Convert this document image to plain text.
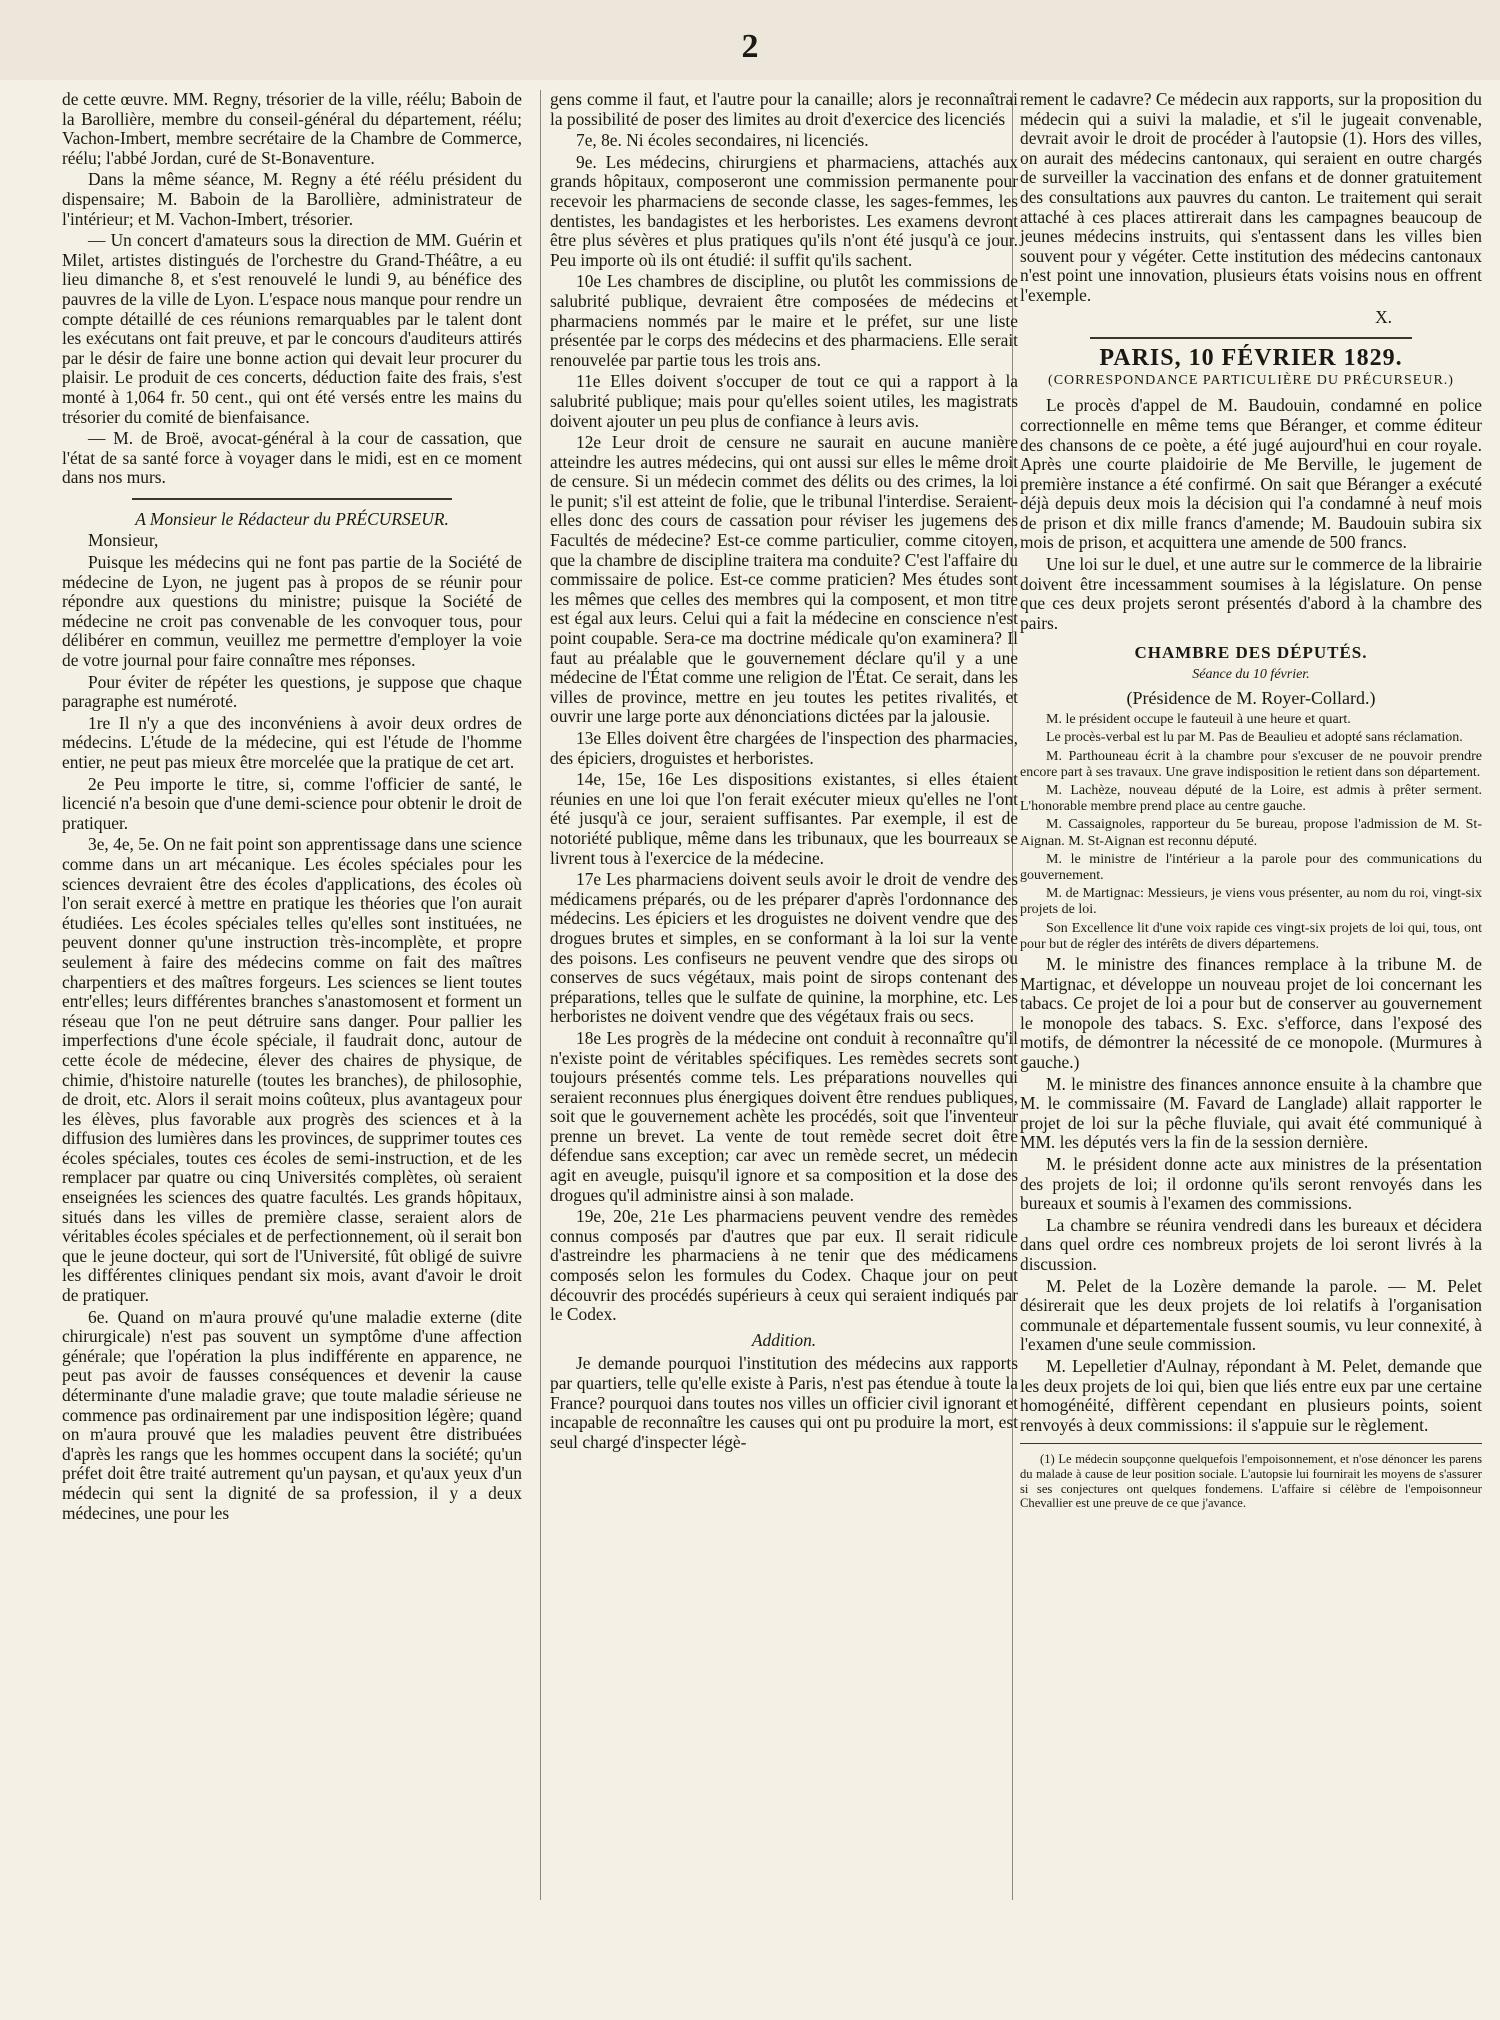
2

de cette œuvre. MM. Regny, trésorier de la ville, réélu; Baboin de la Barollière, membre du conseil-général du département, réélu; Vachon-Imbert, membre secrétaire de la Chambre de Commerce, réélu; l'abbé Jordan, curé de St-Bonaventure.

Dans la même séance, M. Regny a été réélu président du dispensaire; M. Baboin de la Barollière, administrateur de l'intérieur; et M. Vachon-Imbert, trésorier.

— Un concert d'amateurs sous la direction de MM. Guérin et Milet, artistes distingués de l'orchestre du Grand-Théâtre, a eu lieu dimanche 8, et s'est renouvelé le lundi 9, au bénéfice des pauvres de la ville de Lyon. L'espace nous manque pour rendre un compte détaillé de ces réunions remarquables par le talent dont les exécutans ont fait preuve, et par le concours d'auditeurs attirés par le désir de faire une bonne action qui devait leur procurer du plaisir. Le produit de ces concerts, déduction faite des frais, s'est monté à 1,064 fr. 50 cent., qui ont été versés entre les mains du trésorier du comité de bienfaisance.

— M. de Broë, avocat-général à la cour de cassation, que l'état de sa santé force à voyager dans le midi, est en ce moment dans nos murs.

A Monsieur le Rédacteur du PRÉCURSEUR.

Monsieur,

Puisque les médecins qui ne font pas partie de la Société de médecine de Lyon, ne jugent pas à propos de se réunir pour répondre aux questions du ministre; puisque la Société de médecine ne croit pas convenable de les convoquer tous, pour délibérer en commun, veuillez me permettre d'employer la voie de votre journal pour faire connaître mes réponses.

Pour éviter de répéter les questions, je suppose que chaque paragraphe est numéroté.

1re Il n'y a que des inconvéniens à avoir deux ordres de médecins. L'étude de la médecine, qui est l'étude de l'homme entier, ne peut pas mieux être morcelée que la pratique de cet art.

2e Peu importe le titre, si, comme l'officier de santé, le licencié n'a besoin que d'une demi-science pour obtenir le droit de pratiquer.

3e, 4e, 5e. On ne fait point son apprentissage dans une science comme dans un art mécanique. Les écoles spéciales pour les sciences devraient être des écoles d'applications, des écoles où l'on serait exercé à mettre en pratique les théories que l'on aurait étudiées. Les écoles spéciales telles qu'elles sont instituées, ne peuvent donner qu'une instruction très-incomplète, et propre seulement à faire des médecins comme on fait des maîtres charpentiers et des maîtres forgeurs. Les sciences se lient toutes entr'elles; leurs différentes branches s'anastomosent et forment un réseau que l'on ne peut détruire sans danger. Pour pallier les imperfections d'une école spéciale, il faudrait donc, autour de cette école de médecine, élever des chaires de physique, de chimie, d'histoire naturelle (toutes les branches), de philosophie, de droit, etc. Alors il serait moins coûteux, plus avantageux pour les élèves, plus favorable aux progrès des sciences et à la diffusion des lumières dans les provinces, de supprimer toutes ces écoles spéciales, toutes ces écoles de semi-instruction, et de les remplacer par quatre ou cinq Universités complètes, où seraient enseignées les sciences des quatre facultés. Les grands hôpitaux, situés dans les villes de première classe, seraient alors de véritables écoles spéciales et de perfectionnement, où il serait bon que le jeune docteur, qui sort de l'Université, fût obligé de suivre les différentes cliniques pendant six mois, avant d'avoir le droit de pratiquer.

6e. Quand on m'aura prouvé qu'une maladie externe (dite chirurgicale) n'est pas souvent un symptôme d'une affection générale; que l'opération la plus indifférente en apparence, ne peut pas avoir de fausses conséquences et devenir la cause déterminante d'une maladie grave; que toute maladie sérieuse ne commence pas ordinairement par une indisposition légère; quand on m'aura prouvé que les maladies peuvent être distribuées d'après les rangs que les hommes occupent dans la société; qu'un préfet doit être traité autrement qu'un paysan, et qu'aux yeux d'un médecin qui sent la dignité de sa profession, il y a deux médecines, une pour les

gens comme il faut, et l'autre pour la canaille; alors je reconnaîtrai la possibilité de poser des limites au droit d'exercice des licenciés

7e, 8e. Ni écoles secondaires, ni licenciés.

9e. Les médecins, chirurgiens et pharmaciens, attachés aux grands hôpitaux, composeront une commission permanente pour recevoir les pharmaciens de seconde classe, les sages-femmes, les dentistes, les bandagistes et les herboristes. Les examens devront être plus sévères et plus pratiques qu'ils n'ont été jusqu'à ce jour. Peu importe où ils ont étudié: il suffit qu'ils sachent.

10e Les chambres de discipline, ou plutôt les commissions de salubrité publique, devraient être composées de médecins et pharmaciens nommés par le maire et le préfet, sur une liste présentée par le corps des médecins et des pharmaciens. Elle serait renouvelée par partie tous les trois ans.

11e Elles doivent s'occuper de tout ce qui a rapport à la salubrité publique; mais pour qu'elles soient utiles, les magistrats doivent ajouter un peu plus de confiance à leurs avis.

12e Leur droit de censure ne saurait en aucune manière atteindre les autres médecins, qui ont aussi sur elles le même droit de censure. Si un médecin commet des délits ou des crimes, la loi le punit; s'il est atteint de folie, que le tribunal l'interdise. Seraient-elles donc des cours de cassation pour réviser les jugemens des Facultés de médecine? Est-ce comme particulier, comme citoyen, que la chambre de discipline traitera ma conduite? C'est l'affaire du commissaire de police. Est-ce comme praticien? Mes études sont les mêmes que celles des membres qui la composent, et mon titre est égal aux leurs. Celui qui a fait la médecine en conscience n'est point coupable. Sera-ce ma doctrine médicale qu'on examinera? Il faut au préalable que le gouvernement déclare qu'il y a une médecine de l'État comme une religion de l'État. Ce serait, dans les villes de province, mettre en jeu toutes les petites rivalités, et ouvrir une large porte aux dénonciations dictées par la jalousie.

13e Elles doivent être chargées de l'inspection des pharmacies, des épiciers, droguistes et herboristes.

14e, 15e, 16e Les dispositions existantes, si elles étaient réunies en une loi que l'on ferait exécuter mieux qu'elles ne l'ont été jusqu'à ce jour, seraient suffisantes. Par exemple, il est de notoriété publique, même dans les tribunaux, que les bourreaux se livrent tous à l'exercice de la médecine.

17e Les pharmaciens doivent seuls avoir le droit de vendre des médicamens préparés, ou de les préparer d'après l'ordonnance des médecins. Les épiciers et les droguistes ne doivent vendre que des drogues brutes et simples, en se conformant à la loi sur la vente des poisons. Les confiseurs ne peuvent vendre que des sirops ou conserves de sucs végétaux, mais point de sirops contenant des préparations, telles que le sulfate de quinine, la morphine, etc. Les herboristes ne doivent vendre que des végétaux frais ou secs.

18e Les progrès de la médecine ont conduit à reconnaître qu'il n'existe point de véritables spécifiques. Les remèdes secrets sont toujours présentés comme tels. Les préparations nouvelles qui seraient reconnues plus énergiques doivent être rendues publiques, soit que le gouvernement achète les procédés, soit que l'inventeur prenne un brevet. La vente de tout remède secret doit être défendue sans exception; car avec un remède secret, un médecin agit en aveugle, puisqu'il ignore et sa composition et la dose des drogues qu'il administre ainsi à son malade.

19e, 20e, 21e Les pharmaciens peuvent vendre des remèdes connus composés par d'autres que par eux. Il serait ridicule d'astreindre les pharmaciens à ne tenir que des médicamens composés selon les formules du Codex. Chaque jour on peut découvrir des procédés supérieurs à ceux qui seraient indiqués par le Codex.

Addition.

Je demande pourquoi l'institution des médecins aux rapports par quartiers, telle qu'elle existe à Paris, n'est pas étendue à toute la France? pourquoi dans toutes nos villes un officier civil ignorant et incapable de reconnaître les causes qui ont pu produire la mort, est seul chargé d'inspecter légè-

rement le cadavre? Ce médecin aux rapports, sur la proposition du médecin qui a suivi la maladie, et s'il le jugeait convenable, devrait avoir le droit de procéder à l'autopsie (1). Hors des villes, on aurait des médecins cantonaux, qui seraient en outre chargés de surveiller la vaccination des enfans et de donner gratuitement des consultations aux pauvres du canton. Le traitement qui serait attaché à ces places attirerait dans les campagnes beaucoup de jeunes médecins instruits, qui s'entassent dans les villes bien souvent pour y végéter. Cette institution des médecins cantonaux n'est point une innovation, plusieurs états voisins nous en offrent l'exemple.

X.

PARIS, 10 FÉVRIER 1829.
(CORRESPONDANCE PARTICULIÈRE DU PRÉCURSEUR.)

Le procès d'appel de M. Baudouin, condamné en police correctionnelle en même tems que Béranger, et comme éditeur des chansons de ce poète, a été jugé aujourd'hui en cour royale. Après une courte plaidoirie de Me Berville, le jugement de première instance a été confirmé. On sait que Béranger a exécuté déjà depuis deux mois la décision qui l'a condamné à neuf mois de prison et dix mille francs d'amende; M. Baudouin subira six mois de prison, et acquittera une amende de 500 francs.

Une loi sur le duel, et une autre sur le commerce de la librairie doivent être incessamment soumises à la législature. On pense que ces deux projets seront présentés d'abord à la chambre des pairs.

CHAMBRE DES DÉPUTÉS.
Séance du 10 février.
(Présidence de M. Royer-Collard.)

M. le président occupe le fauteuil à une heure et quart.

Le procès-verbal est lu par M. Pas de Beaulieu et adopté sans réclamation.

M. Parthouneau écrit à la chambre pour s'excuser de ne pouvoir prendre encore part à ses travaux. Une grave indisposition le retient dans son département.

M. Lachèze, nouveau député de la Loire, est admis à prêter serment. L'honorable membre prend place au centre gauche.

M. Cassaignoles, rapporteur du 5e bureau, propose l'admission de M. St-Aignan. M. St-Aignan est reconnu député.

M. le ministre de l'intérieur a la parole pour des communications du gouvernement.

M. de Martignac: Messieurs, je viens vous présenter, au nom du roi, vingt-six projets de loi.

Son Excellence lit d'une voix rapide ces vingt-six projets de loi qui, tous, ont pour but de régler des intérêts de divers départemens.

M. le ministre des finances remplace à la tribune M. de Martignac, et développe un nouveau projet de loi concernant les tabacs. Ce projet de loi a pour but de conserver au gouvernement le monopole des tabacs. S. Exc. s'efforce, dans l'exposé des motifs, de démontrer la nécessité de ce monopole. (Murmures à gauche.)

M. le ministre des finances annonce ensuite à la chambre que M. le commissaire (M. Favard de Langlade) allait rapporter le projet de loi sur la pêche fluviale, qui avait été communiqué à MM. les députés vers la fin de la session dernière.

M. le président donne acte aux ministres de la présentation des projets de loi; il ordonne qu'ils seront renvoyés dans les bureaux et soumis à l'examen des commissions.

La chambre se réunira vendredi dans les bureaux et décidera dans quel ordre ces nombreux projets de loi seront livrés à la discussion.

M. Pelet de la Lozère demande la parole. — M. Pelet désirerait que les deux projets de loi relatifs à l'organisation communale et départementale fussent soumis, vu leur connexité, à l'examen d'une seule commission.

M. Lepelletier d'Aulnay, répondant à M. Pelet, demande que les deux projets de loi qui, bien que liés entre eux par une certaine homogénéité, diffèrent cependant en plusieurs points, soient renvoyés à deux commissions: il s'appuie sur le règlement.

(1) Le médecin soupçonne quelquefois l'empoisonnement, et n'ose dénoncer les parens du malade à cause de leur position sociale. L'autopsie lui fournirait les moyens de s'assurer si ses conjectures ont quelques fondemens. L'affaire si célèbre de l'empoisonneur Chevallier est une preuve de ce que j'avance.
